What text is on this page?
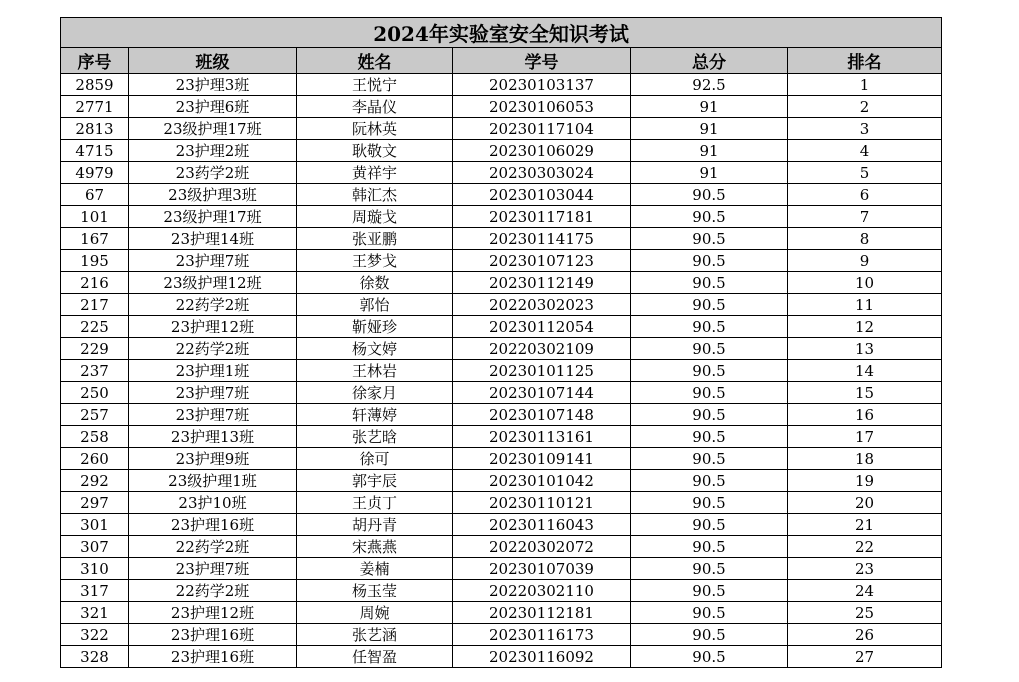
2024年实验室安全知识考试					
序号	班级	姓名	学号	总分	排名
2859	23护理3班	王悦宁	20230103137	92.5	1
2771	23护理6班	李晶仪	20230106053	91	2
2813	23级护理17班	阮林英	20230117104	91	3
4715	23护理2班	耿敬文	20230106029	91	4
4979	23药学2班	黄祥宇	20230303024	91	5
67	23级护理3班	韩汇杰	20230103044	90.5	6
101	23级护理17班	周璇戈	20230117181	90.5	7
167	23护理14班	张亚鹏	20230114175	90.5	8
195	23护理7班	王梦戈	20230107123	90.5	9
216	23级护理12班	徐数	20230112149	90.5	10
217	22药学2班	郭怡	20220302023	90.5	11
225	23护理12班	靳娅珍	20230112054	90.5	12
229	22药学2班	杨文婷	20220302109	90.5	13
237	23护理1班	王林岩	20230101125	90.5	14
250	23护理7班	徐家月	20230107144	90.5	15
257	23护理7班	轩薄婷	20230107148	90.5	16
258	23护理13班	张艺晗	20230113161	90.5	17
260	23护理9班	徐可	20230109141	90.5	18
292	23级护理1班	郭宇辰	20230101042	90.5	19
297	23护10班	王贞丁	20230110121	90.5	20
301	23护理16班	胡丹青	20230116043	90.5	21
307	22药学2班	宋燕燕	20220302072	90.5	22
310	23护理7班	姜楠	20230107039	90.5	23
317	22药学2班	杨玉莹	20220302110	90.5	24
321	23护理12班	周婉	20230112181	90.5	25
322	23护理16班	张艺涵	20230116173	90.5	26
328	23护理16班	任智盈	20230116092	90.5	27
